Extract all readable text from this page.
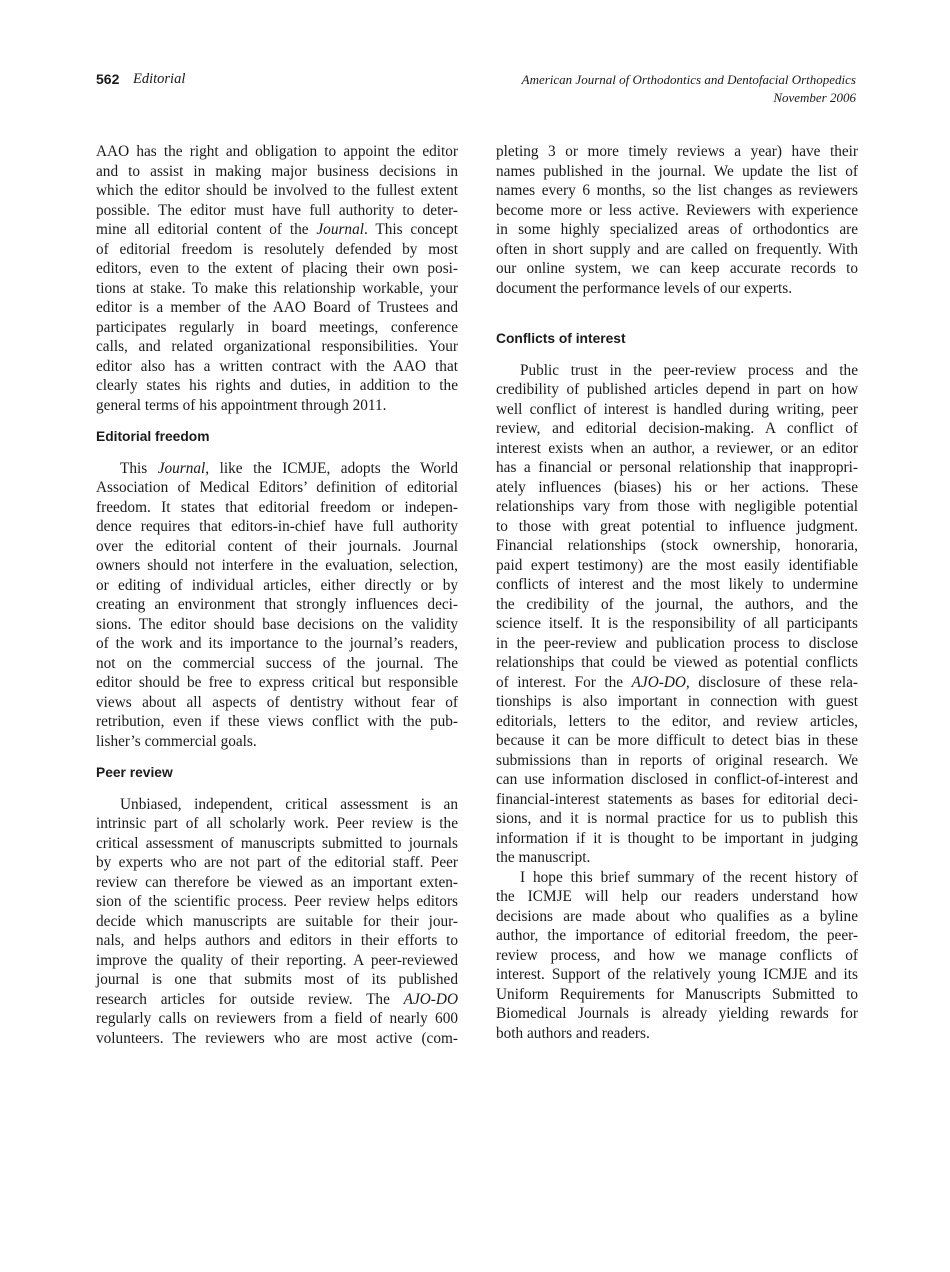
562 Editorial	American Journal of Orthodontics and Dentofacial Orthopedics
November 2006
AAO has the right and obligation to appoint the editor
and to assist in making major business decisions in
which the editor should be involved to the fullest extent
possible. The editor must have full authority to deter-
mine all editorial content of the Journal. This concept
of editorial freedom is resolutely defended by most
editors, even to the extent of placing their own posi-
tions at stake. To make this relationship workable, your
editor is a member of the AAO Board of Trustees and
participates regularly in board meetings, conference
calls, and related organizational responsibilities. Your
editor also has a written contract with the AAO that
clearly states his rights and duties, in addition to the
general terms of his appointment through 2011.
Editorial freedom
This Journal, like the ICMJE, adopts the World
Association of Medical Editors’ definition of editorial
freedom. It states that editorial freedom or indepen-
dence requires that editors-in-chief have full authority
over the editorial content of their journals. Journal
owners should not interfere in the evaluation, selection,
or editing of individual articles, either directly or by
creating an environment that strongly influences deci-
sions. The editor should base decisions on the validity
of the work and its importance to the journal’s readers,
not on the commercial success of the journal. The
editor should be free to express critical but responsible
views about all aspects of dentistry without fear of
retribution, even if these views conflict with the pub-
lisher’s commercial goals.
Peer review
Unbiased, independent, critical assessment is an
intrinsic part of all scholarly work. Peer review is the
critical assessment of manuscripts submitted to journals
by experts who are not part of the editorial staff. Peer
review can therefore be viewed as an important exten-
sion of the scientific process. Peer review helps editors
decide which manuscripts are suitable for their jour-
nals, and helps authors and editors in their efforts to
improve the quality of their reporting. A peer-reviewed
journal is one that submits most of its published
research articles for outside review. The AJO-DO
regularly calls on reviewers from a field of nearly 600
volunteers. The reviewers who are most active (com-
pleting 3 or more timely reviews a year) have their
names published in the journal. We update the list of
names every 6 months, so the list changes as reviewers
become more or less active. Reviewers with experience
in some highly specialized areas of orthodontics are
often in short supply and are called on frequently. With
our online system, we can keep accurate records to
document the performance levels of our experts.
Conflicts of interest
Public trust in the peer-review process and the
credibility of published articles depend in part on how
well conflict of interest is handled during writing, peer
review, and editorial decision-making. A conflict of
interest exists when an author, a reviewer, or an editor
has a financial or personal relationship that inappropri-
ately influences (biases) his or her actions. These
relationships vary from those with negligible potential
to those with great potential to influence judgment.
Financial relationships (stock ownership, honoraria,
paid expert testimony) are the most easily identifiable
conflicts of interest and the most likely to undermine
the credibility of the journal, the authors, and the
science itself. It is the responsibility of all participants
in the peer-review and publication process to disclose
relationships that could be viewed as potential conflicts
of interest. For the AJO-DO, disclosure of these rela-
tionships is also important in connection with guest
editorials, letters to the editor, and review articles,
because it can be more difficult to detect bias in these
submissions than in reports of original research. We
can use information disclosed in conflict-of-interest and
financial-interest statements as bases for editorial deci-
sions, and it is normal practice for us to publish this
information if it is thought to be important in judging
the manuscript.
I hope this brief summary of the recent history of
the ICMJE will help our readers understand how
decisions are made about who qualifies as a byline
author, the importance of editorial freedom, the peer-
review process, and how we manage conflicts of
interest. Support of the relatively young ICMJE and its
Uniform Requirements for Manuscripts Submitted to
Biomedical Journals is already yielding rewards for
both authors and readers.
